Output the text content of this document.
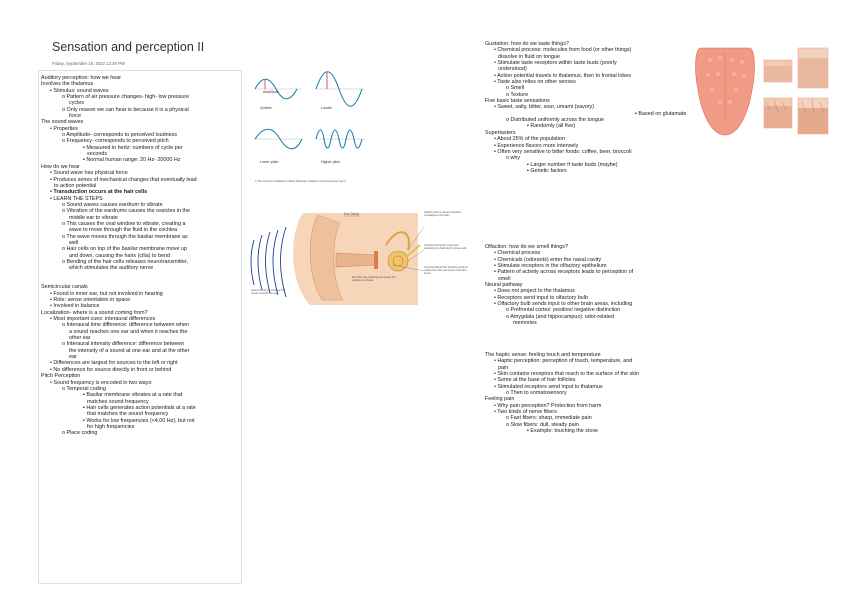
Sensation and perception II
Friday, September 16, 2022 12:39 PM
Auditory perception: how we hear
Involves the thalamus
• Stimulus: sound waves
o Pattern of air pressure changes- high- low pressure
cycles
o Only reason we can hear is because it is a physical
force
The sound waves
• Properties
o Amplitude- corresponds to perceived loudness
o Frequency- corresponds to perceived pitch
▪ Measured in hertz: numbers of cycle per
seconds
▪ Normal human range: 20 Hz- 20000 Hz
How do we hear
• Sound wave has physical force
• Produces series of mechanical changes that eventually lead
to action potential
• Transduction occurs at the hair cells
• LEARN THE STEPS
o Sound waves causes eardrum to vibrate
o Vibration of the eardrums causes the ossicles in the
middle ear to vibrate
o This causes the oval window to vibrate, creating a
wave to move through the fluid in the cochlea
o The wave moves through the basilar membrane as
well
o Hair cells on top of the basilar membrane move up
and down, causing the hairs (cilia) to bend
o Bending of the hair cells releases neurotransmitter,
which stimulates the auditory nerve
Semicircular canals
• Found in inner ear, but not involved in hearing
• Role: sense orientation in space
• Involved in balance
Localization- where is a sound coming from?
• Most important cues: interaural differences
o Interaural time difference: difference between when
a sound reaches one ear and when it reaches the
other ear
o Interaural intensity difference: difference between
the intensity of a sound at one ear and at the other
ear
• Differences are largest for sources to the left or right
• No difference for source directly in front or behind
Pitch Perception
• Sound frequency is encoded in two ways:
o Temporal coding
▪ Basilar membrane vibrates at a rate that
matches sound frequency
▪ Hair cells generates action potentials at a rate
that matches the sound frequency
▪ Works for low frequencies (<4,00 Hz), but not
for high frequencies
o Place coding
Gustation: how do we taste things?
• Chemical process: molecules from food (or other things)
dissolve in fluid on tongue
• Stimulate taste receptors within taste buds (poorly
understood)
• Action potential travels to thalamus, then to frontal lobes
• Taste also relies on other senses
o Smell
o Texture
Five basic taste sensations
• Sweet, salty, bitter, sour, umami (savory)
▪ Based on glutamate
o Distributed uniformly across the tongue
▪ Randomly (all five)
Supertasters
• About 25% of the population
• Experience flavors more intensely
• Often very sensitive to bitter foods: coffee, beer, broccoli
o why
▪ Larger number if taste buds (maybe)
▪ Genetic factors
Olfaction: how do we smell things?
• Chemical process
• Chemicals (odorants) enter the nasal cavity
• Stimulate receptors in the olfactory epithelium
• Pattern of activity across receptors leads to perception of
smell
Neural pathway
• Does not project to the thalamus
• Receptors send input to olfactory bulb
• Olfactory bulb sends input to other brain areas, including
o Prefrontal cortex: positive/ negative distinction
o Amygdala (and hippocampus): odor-related
memories
The haptic sense: feeling touch and temperature
• Haptic perception: perception of touch, temperature, and
pain
• Skin contains receptors that reach to the surface of the skin
• Some at the base of hair follicles
• Stimulated receptors send input to thalamus
o Then to somatosensory
Feeling pain
• Why pain perception? Protection from harm
• Two kinds of nerve fibers
o Fast fibers: sharp, immediate pain
o Slow fibers: dull, steady pain
▪ Example: touching the stove
Amplitude
Quieter	Louder
Lower pitch	Higher pitch
© The University of Waikato Te Whare Wānanga o Waikato | www.sciencelearn.org.nz
Ear Canal
Sound waves air vibrates and moves towards the ear
Ear Drum the vibrating ear causes the eardrum to vibrate
Auditory Nerve carries electrical messages to the brain
Cochlea the bones' movement transferred to fluid which moves cells
Inner Ear Bones the vibrating eardrum makes the inner ear bones move like levers
